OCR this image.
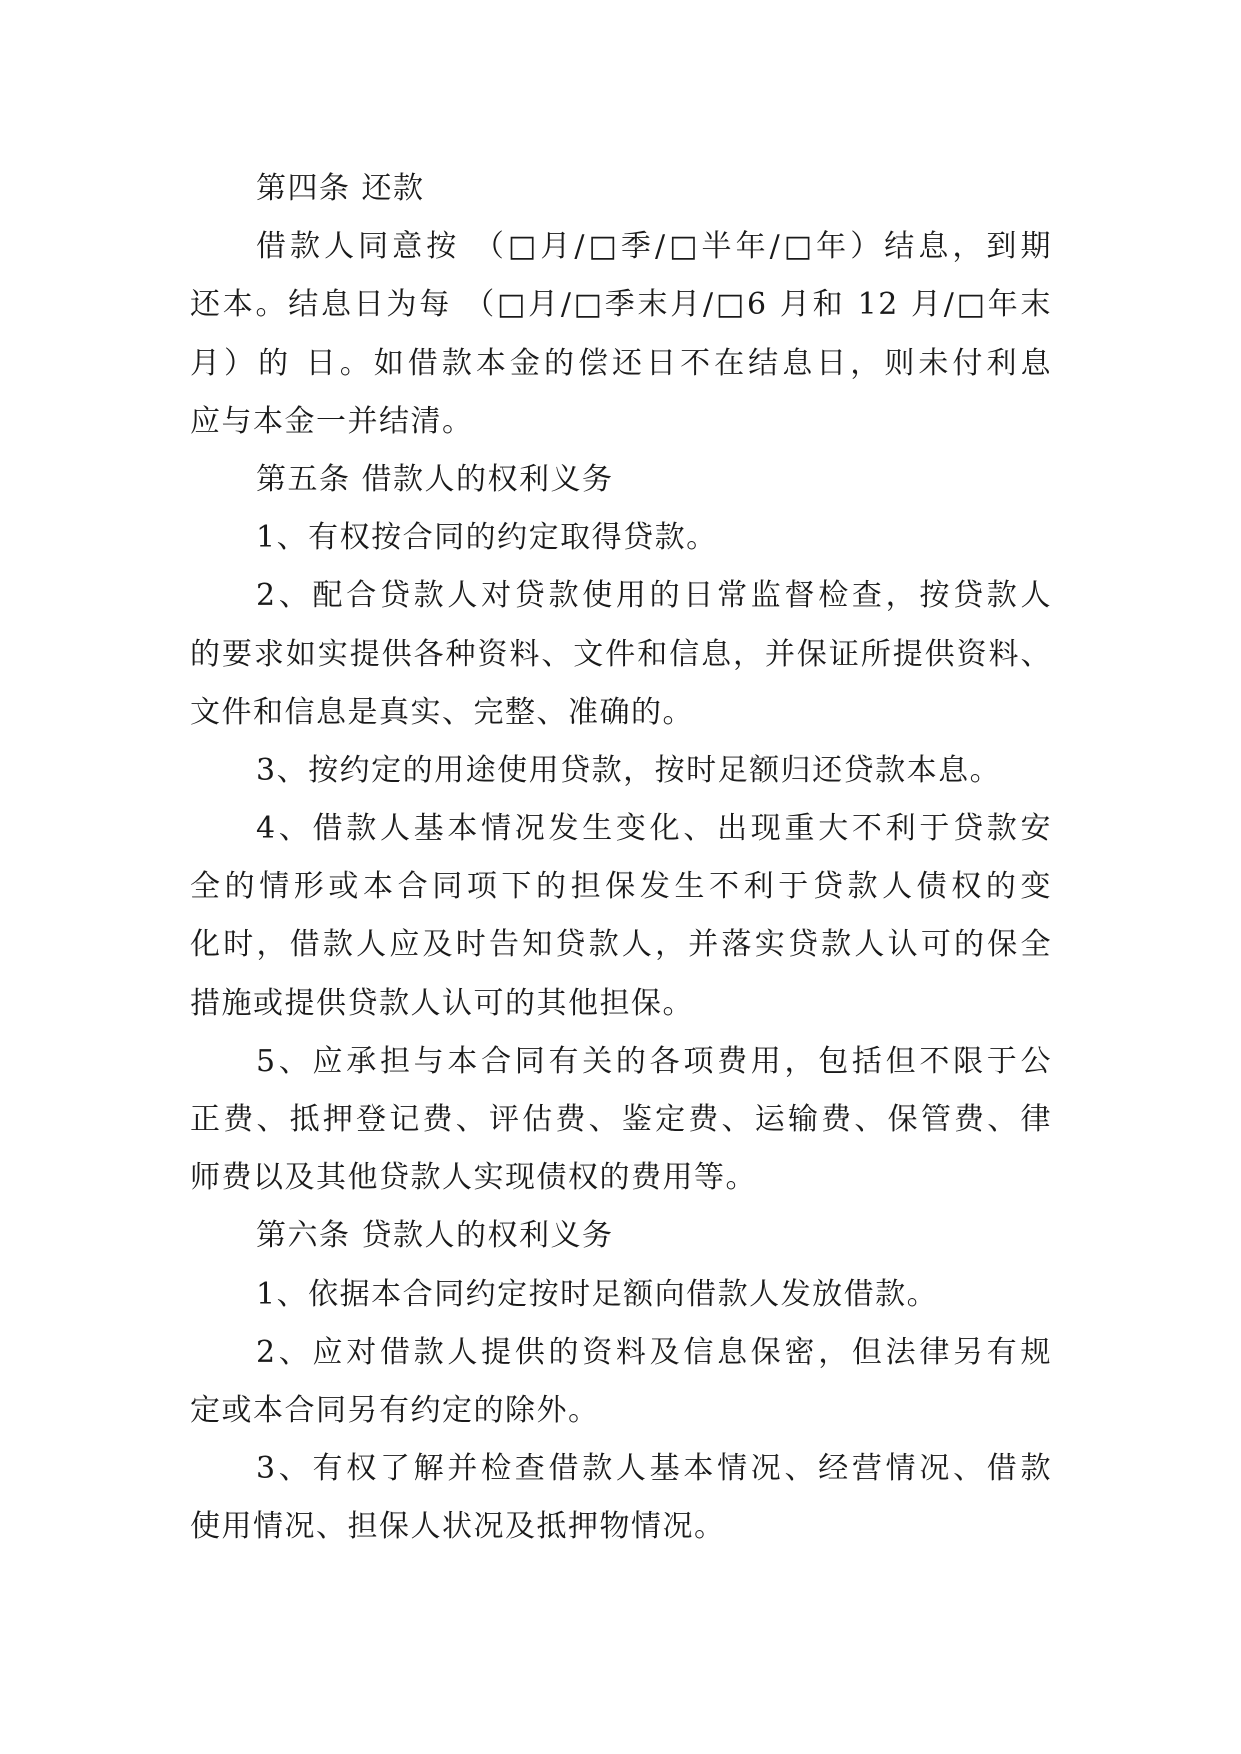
第四条 还款
借款人同意按 （□月/□季/□半年/□年）结息，到期
还本。结息日为每 （□月/□季末月/□6 月和 12 月/□年末
月）的 日。如借款本金的偿还日不在结息日，则未付利息
应与本金一并结清。
第五条 借款人的权利义务
1、有权按合同的约定取得贷款。
2、配合贷款人对贷款使用的日常监督检查，按贷款人
的要求如实提供各种资料、文件和信息，并保证所提供资料、
文件和信息是真实、完整、准确的。
3、按约定的用途使用贷款，按时足额归还贷款本息。
4、借款人基本情况发生变化、出现重大不利于贷款安
全的情形或本合同项下的担保发生不利于贷款人债权的变
化时，借款人应及时告知贷款人，并落实贷款人认可的保全
措施或提供贷款人认可的其他担保。
5、应承担与本合同有关的各项费用，包括但不限于公
正费、抵押登记费、评估费、鉴定费、运输费、保管费、律
师费以及其他贷款人实现债权的费用等。
第六条 贷款人的权利义务
1、依据本合同约定按时足额向借款人发放借款。
2、应对借款人提供的资料及信息保密，但法律另有规
定或本合同另有约定的除外。
3、有权了解并检查借款人基本情况、经营情况、借款
使用情况、担保人状况及抵押物情况。
